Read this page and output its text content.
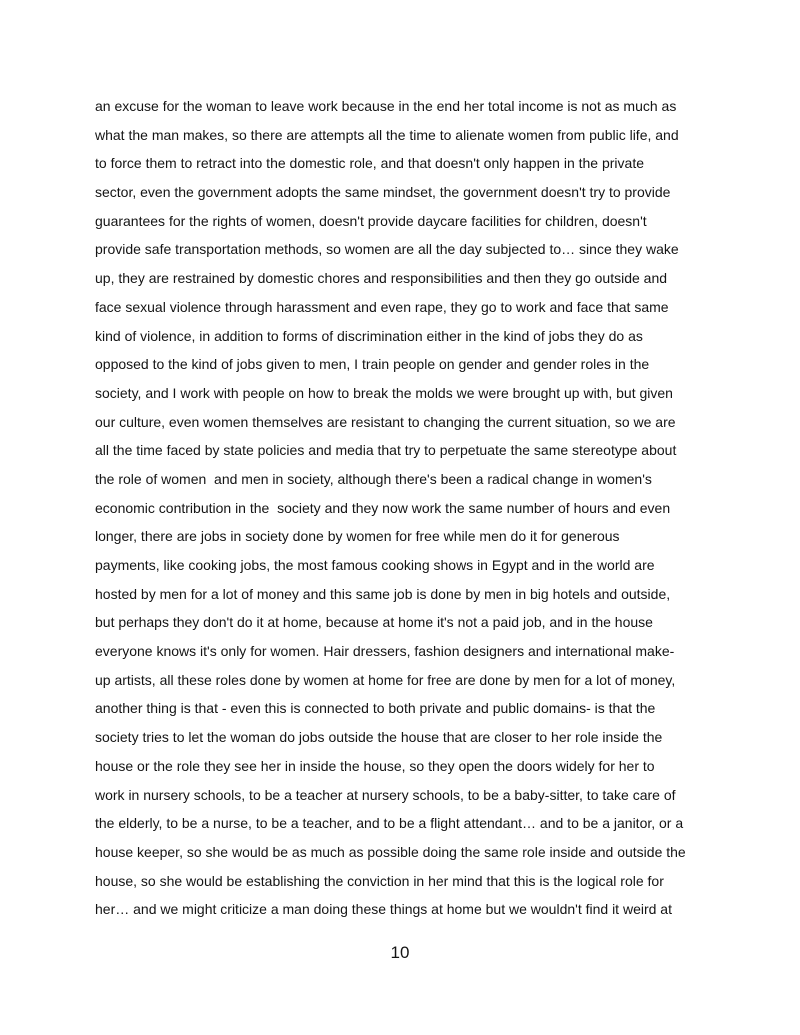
an excuse for the woman to leave work because in the end her total income is not as much as
what the man makes, so there are attempts all the time to alienate women from public life, and
to force them to retract into the domestic role, and that doesn't only happen in the private
sector, even the government adopts the same mindset, the government doesn't try to provide
guarantees for the rights of women, doesn't provide daycare facilities for children, doesn't
provide safe transportation methods, so women are all the day subjected to… since they wake
up, they are restrained by domestic chores and responsibilities and then they go outside and
face sexual violence through harassment and even rape, they go to work and face that same
kind of violence, in addition to forms of discrimination either in the kind of jobs they do as
opposed to the kind of jobs given to men, I train people on gender and gender roles in the
society, and I work with people on how to break the molds we were brought up with, but given
our culture, even women themselves are resistant to changing the current situation, so we are
all the time faced by state policies and media that try to perpetuate the same stereotype about
the role of women  and men in society, although there's been a radical change in women's
economic contribution in the  society and they now work the same number of hours and even
longer, there are jobs in society done by women for free while men do it for generous
payments, like cooking jobs, the most famous cooking shows in Egypt and in the world are
hosted by men for a lot of money and this same job is done by men in big hotels and outside,
but perhaps they don't do it at home, because at home it's not a paid job, and in the house
everyone knows it's only for women. Hair dressers, fashion designers and international make-
up artists, all these roles done by women at home for free are done by men for a lot of money,
another thing is that - even this is connected to both private and public domains- is that the
society tries to let the woman do jobs outside the house that are closer to her role inside the
house or the role they see her in inside the house, so they open the doors widely for her to
work in nursery schools, to be a teacher at nursery schools, to be a baby-sitter, to take care of
the elderly, to be a nurse, to be a teacher, and to be a flight attendant… and to be a janitor, or a
house keeper, so she would be as much as possible doing the same role inside and outside the
house, so she would be establishing the conviction in her mind that this is the logical role for
her… and we might criticize a man doing these things at home but we wouldn't find it weird at
10
